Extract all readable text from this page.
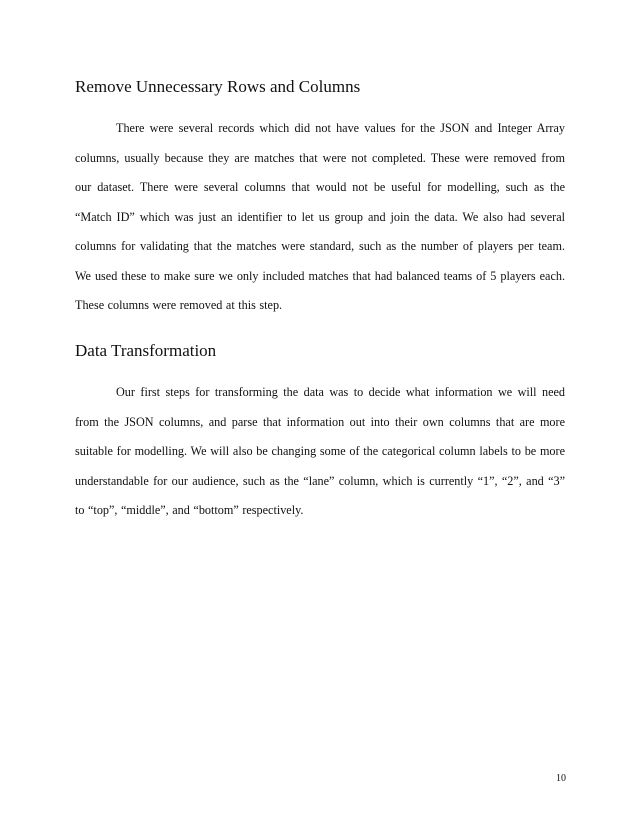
Remove Unnecessary Rows and Columns

There were several records which did not have values for the JSON and Integer Array columns, usually because they are matches that were not completed. These were removed from our dataset. There were several columns that would not be useful for modelling, such as the “Match ID” which was just an identifier to let us group and join the data. We also had several columns for validating that the matches were standard, such as the number of players per team. We used these to make sure we only included matches that had balanced teams of 5 players each. These columns were removed at this step.

Data Transformation

Our first steps for transforming the data was to decide what information we will need from the JSON columns, and parse that information out into their own columns that are more suitable for modelling. We will also be changing some of the categorical column labels to be more understandable for our audience, such as the “lane” column, which is currently “1”, “2”, and “3” to “top”, “middle”, and “bottom” respectively.

10
